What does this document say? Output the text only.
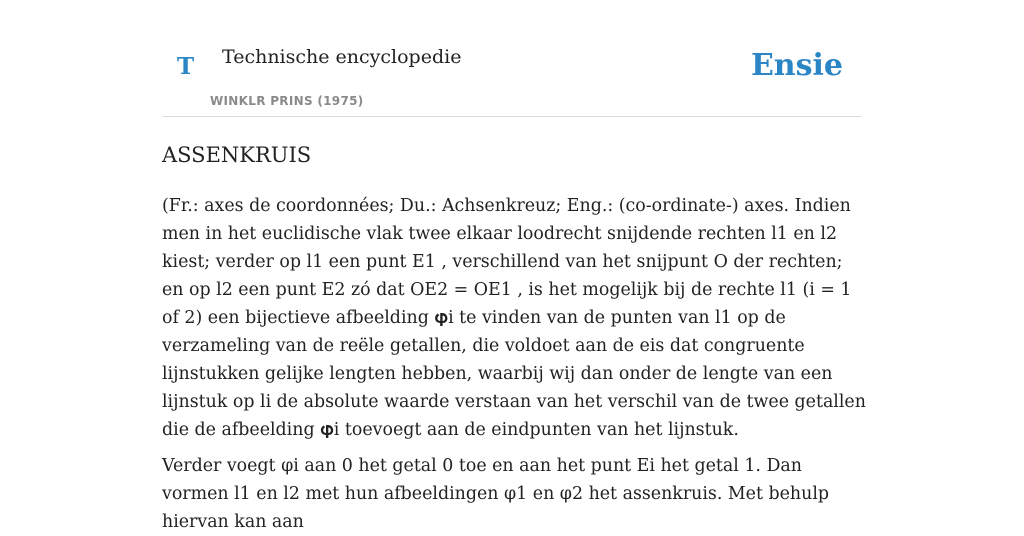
T Technische encyclopedie
WINKLR PRINS (1975)
Ensie
ASSENKRUIS

(Fr.: axes de coordonnées; Du.: Achsenkreuz; Eng.: (co-ordinate-) axes. Indien men in het euclidische vlak twee elkaar loodrecht snijdende rechten l1 en l2 kiest; verder op l1 een punt E1 , verschillend van het snijpunt O der rechten; en op l2 een punt E2 zó dat OE2 = OE1 , is het mogelijk bij de rechte l1 (i = 1 of 2) een bijectieve afbeelding 𝛗i te vinden van de punten van l1 op de verzameling van de reële getallen, die voldoet aan de eis dat congruente lijnstukken gelijke lengten hebben, waarbij wij dan onder de lengte van een lijnstuk op li de absolute waarde verstaan van het verschil van de twee getallen die de afbeelding 𝛗i toevoegt aan de eindpunten van het lijnstuk.

Verder voegt φi aan 0 het getal 0 toe en aan het punt Ei het getal 1. Dan vormen l1 en l2 met hun afbeeldingen φ1 en φ2 het assenkruis. Met behulp hiervan kan aan
